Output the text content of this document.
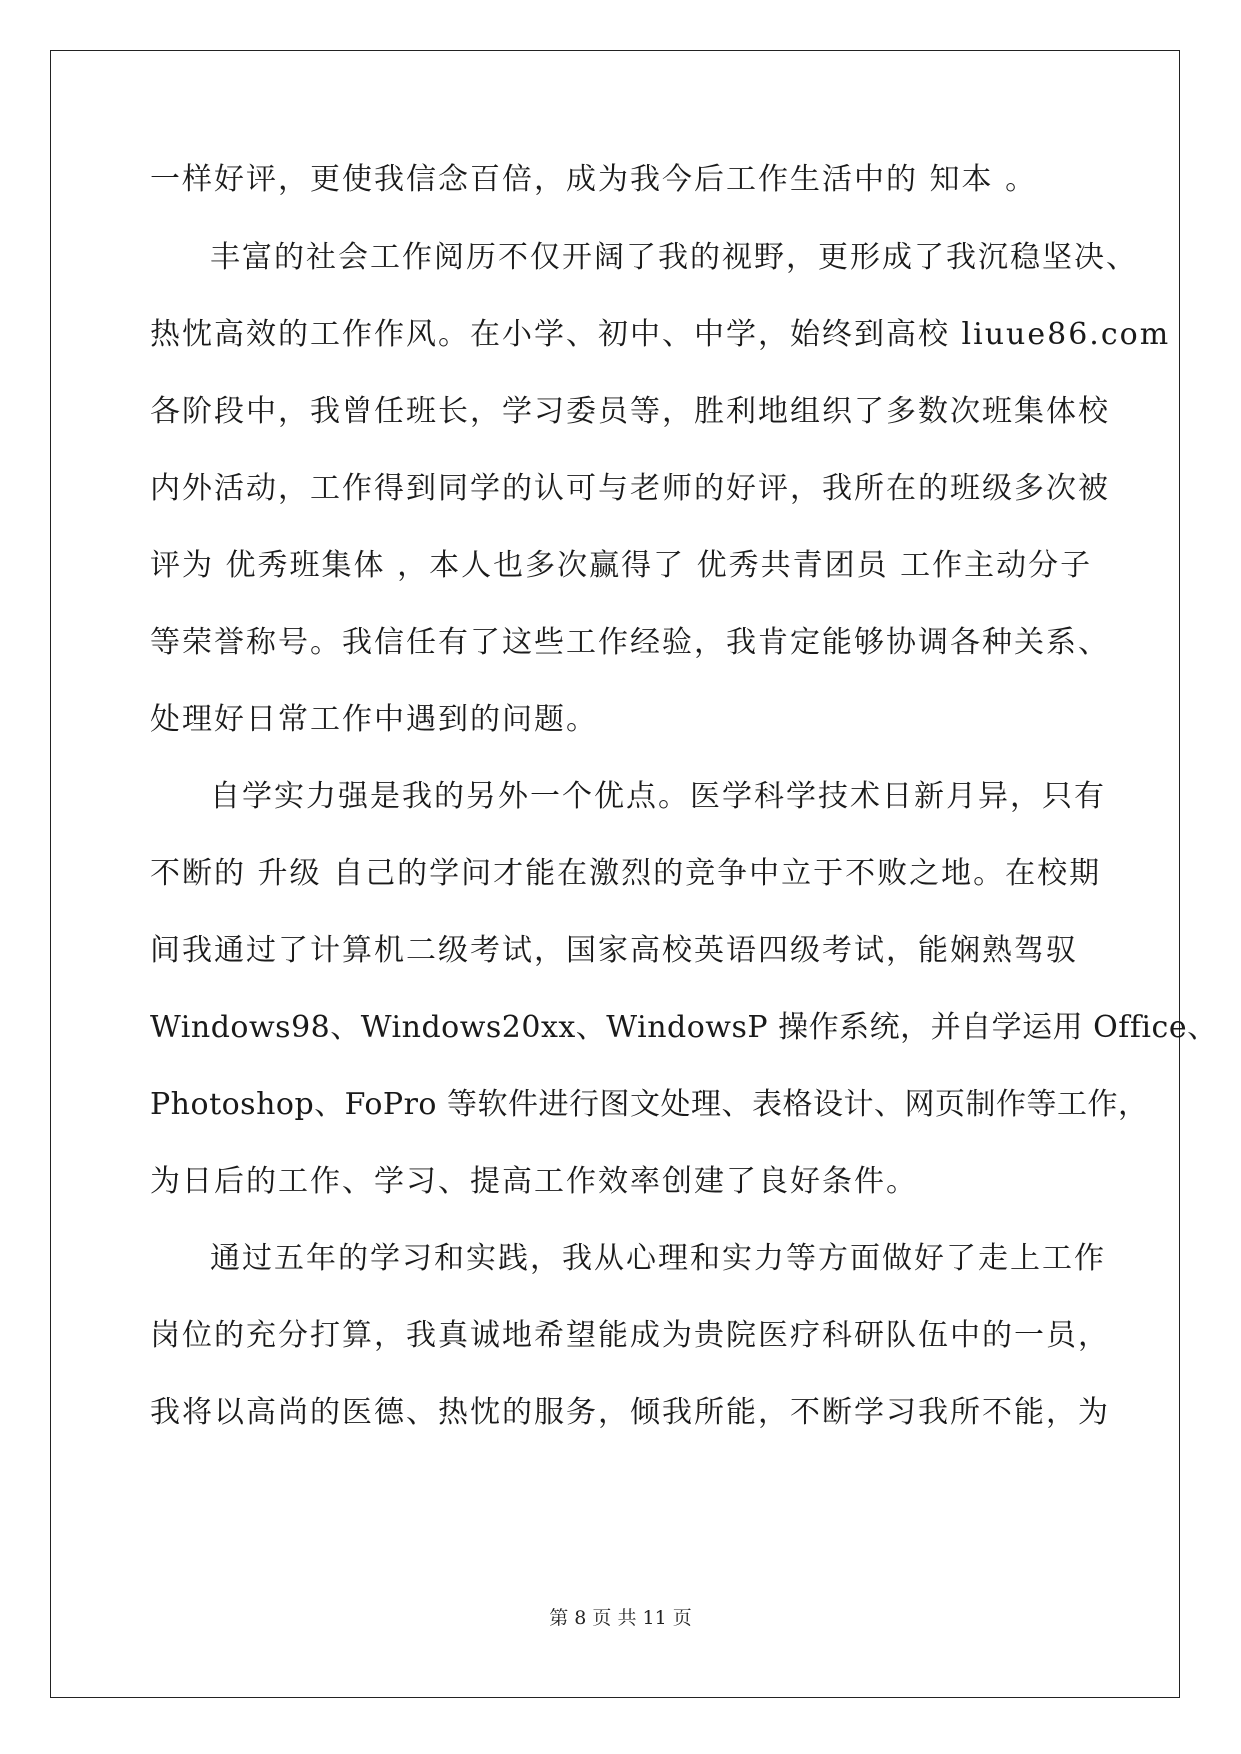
一样好评，更使我信念百倍，成为我今后工作生活中的 知本 。
丰富的社会工作阅历不仅开阔了我的视野，更形成了我沉稳坚决、
热忱高效的工作作风。在小学、初中、中学，始终到高校 liuue86.com
各阶段中，我曾任班长，学习委员等，胜利地组织了多数次班集体校
内外活动，工作得到同学的认可与老师的好评，我所在的班级多次被
评为 优秀班集体 ，本人也多次赢得了 优秀共青团员 工作主动分子
等荣誉称号。我信任有了这些工作经验，我肯定能够协调各种关系、
处理好日常工作中遇到的问题。
自学实力强是我的另外一个优点。医学科学技术日新月异，只有
不断的 升级 自己的学问才能在激烈的竞争中立于不败之地。在校期
间我通过了计算机二级考试，国家高校英语四级考试，能娴熟驾驭
Windows98、Windows20xx、WindowsP 操作系统，并自学运用 Office、
Photoshop、FoPro 等软件进行图文处理、表格设计、网页制作等工作，
为日后的工作、学习、提高工作效率创建了良好条件。
通过五年的学习和实践，我从心理和实力等方面做好了走上工作
岗位的充分打算，我真诚地希望能成为贵院医疗科研队伍中的一员，
我将以高尚的医德、热忱的服务，倾我所能，不断学习我所不能，为
第 8 页 共 11 页
